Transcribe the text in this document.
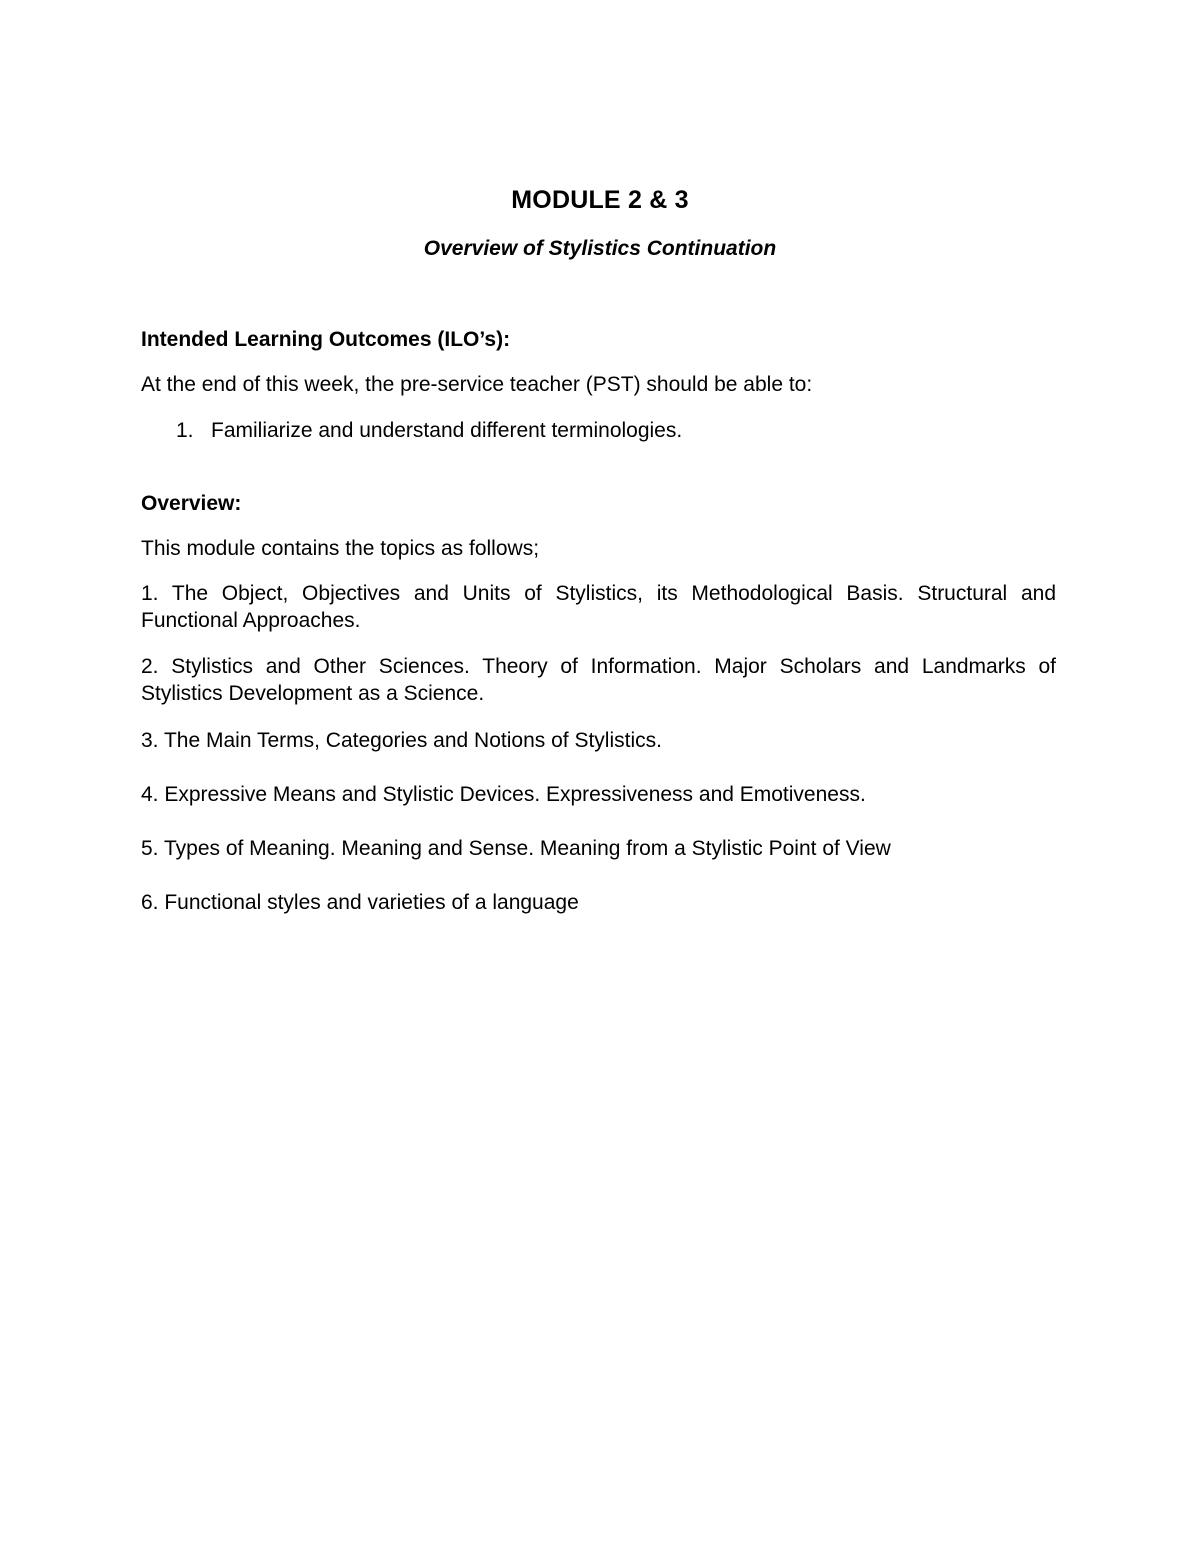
MODULE 2 & 3
Overview of Stylistics Continuation
Intended Learning Outcomes (ILO’s):
At the end of this week, the pre-service teacher (PST) should be able to:
1. Familiarize and understand different terminologies.
Overview:
This module contains the topics as follows;
1. The Object, Objectives and Units of Stylistics, its Methodological Basis. Structural and Functional Approaches.
2. Stylistics and Other Sciences. Theory of Information. Major Scholars and Landmarks of Stylistics Development as a Science.
3. The Main Terms, Categories and Notions of Stylistics.
4. Expressive Means and Stylistic Devices. Expressiveness and Emotiveness.
5. Types of Meaning. Meaning and Sense. Meaning from a Stylistic Point of View
6. Functional styles and varieties of a language
